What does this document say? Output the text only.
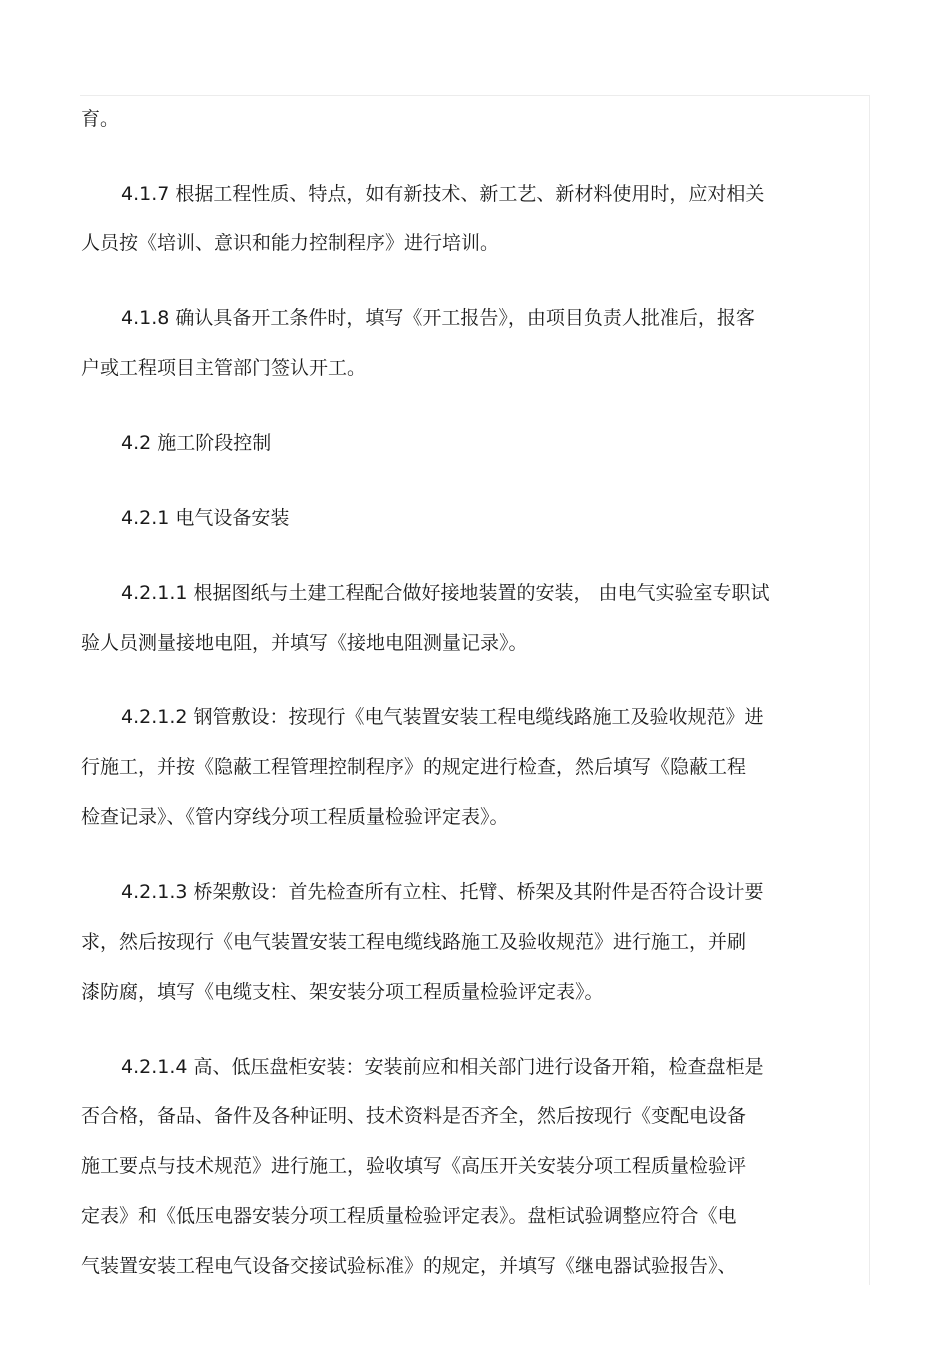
育。

4.1.7 根据工程性质、特点，如有新技术、新工艺、新材料使用时，应对相关

人员按《培训、意识和能力控制程序》进行培训。

4.1.8 确认具备开工条件时，填写《开工报告》，由项目负责人批准后，报客

户或工程项目主管部门签认开工。

4.2 施工阶段控制

4.2.1 电气设备安装

4.2.1.1 根据图纸与土建工程配合做好接地装置的安装， 由电气实验室专职试

验人员测量接地电阻，并填写《接地电阻测量记录》。

4.2.1.2 钢管敷设：按现行《电气装置安装工程电缆线路施工及验收规范》进

行施工，并按《隐蔽工程管理控制程序》的规定进行检查，然后填写《隐蔽工程

检查记录》、《管内穿线分项工程质量检验评定表》。

4.2.1.3 桥架敷设：首先检查所有立柱、托臂、桥架及其附件是否符合设计要

求，然后按现行《电气装置安装工程电缆线路施工及验收规范》进行施工，并刷

漆防腐，填写《电缆支柱、架安装分项工程质量检验评定表》。

4.2.1.4 高、低压盘柜安装：安装前应和相关部门进行设备开箱，检查盘柜是

否合格，备品、备件及各种证明、技术资料是否齐全，然后按现行《变配电设备

施工要点与技术规范》进行施工，验收填写《高压开关安装分项工程质量检验评

定表》和《低压电器安装分项工程质量检验评定表》。盘柜试验调整应符合《电

气装置安装工程电气设备交接试验标准》的规定，并填写《继电器试验报告》、
